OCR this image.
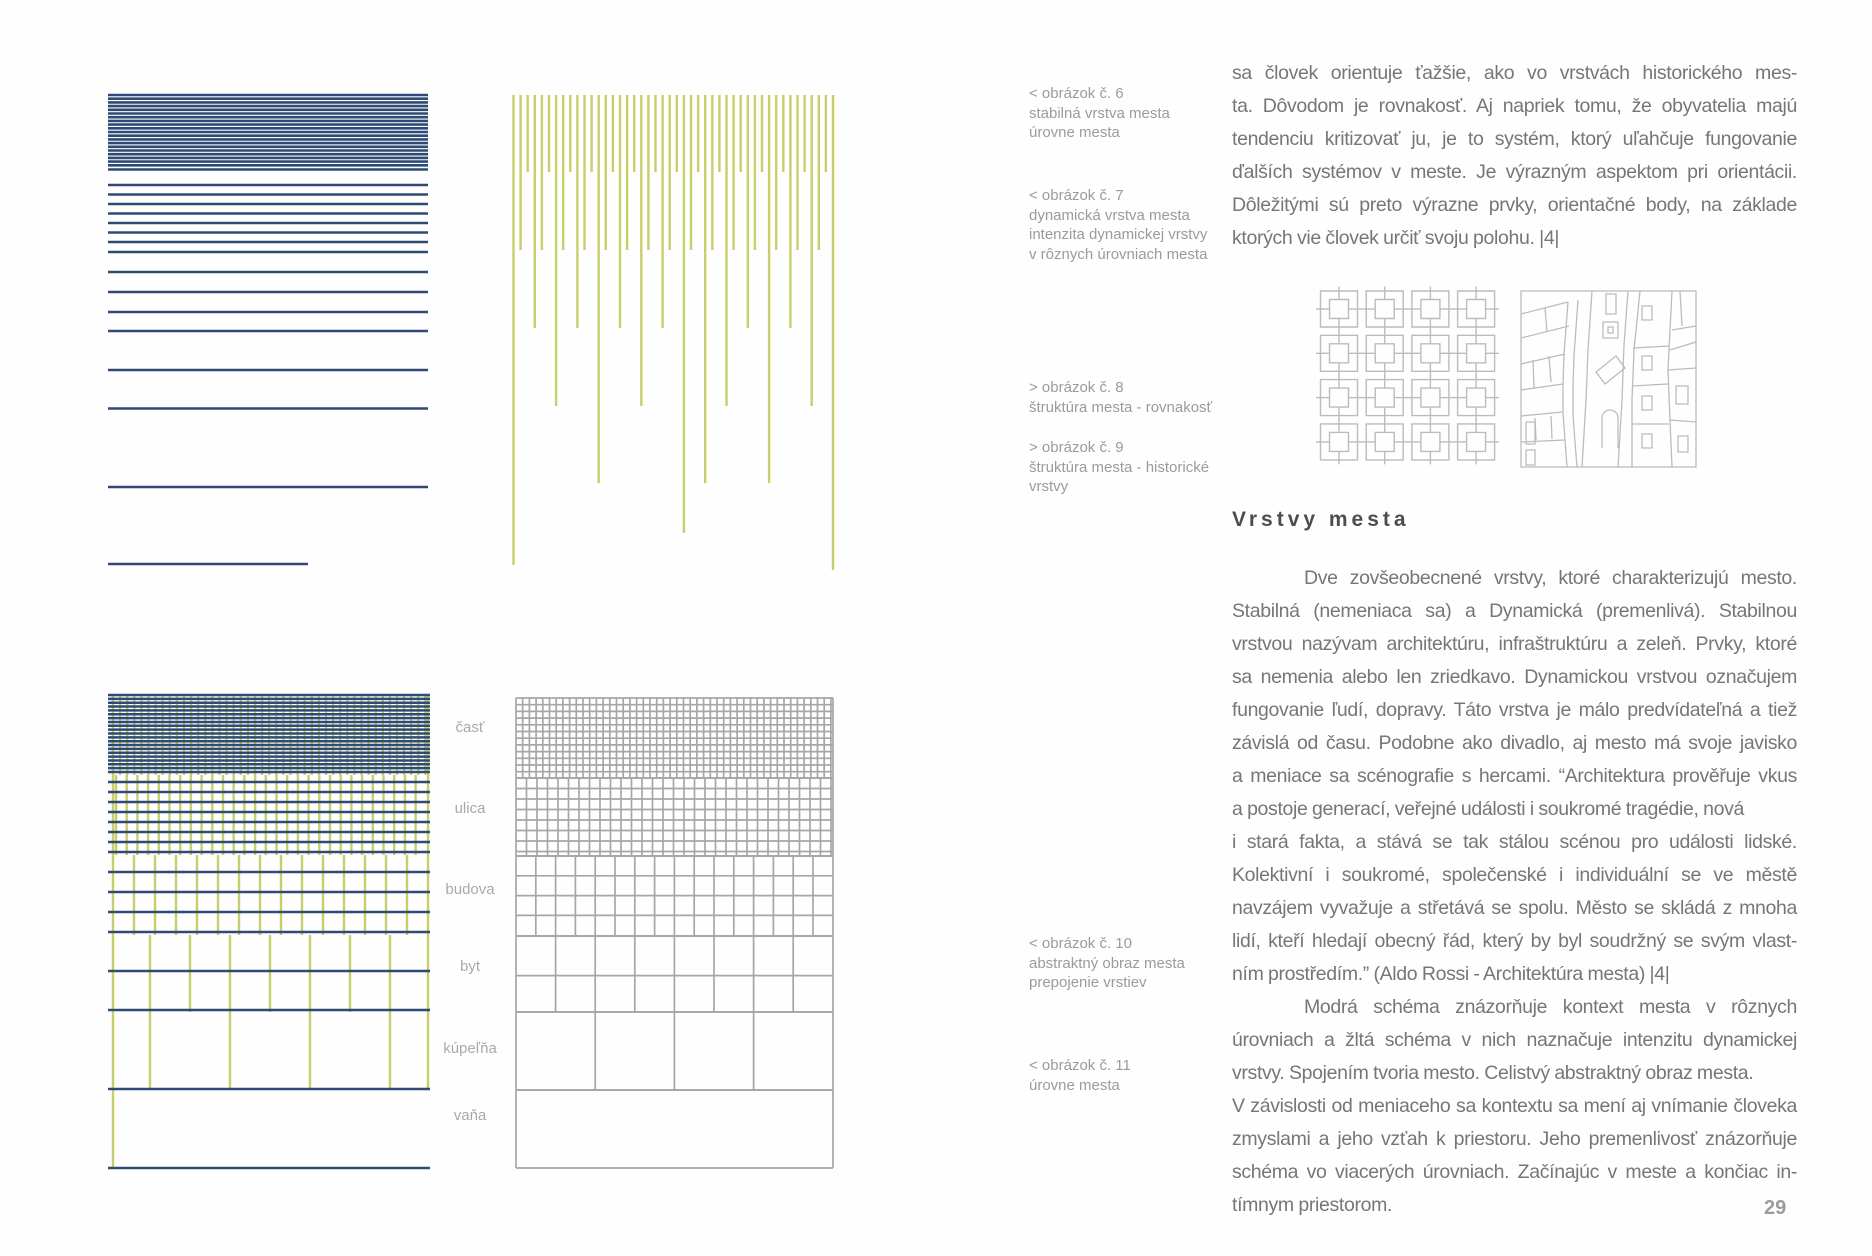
< obrázok č. 6
stabilná vrstva mesta
úrovne mesta
< obrázok č. 7
dynamická vrstva mesta
intenzita dynamickej vrstvy
v rôznych úrovniach mesta
> obrázok č. 8
štruktúra mesta - rovnakosť
> obrázok č. 9
štruktúra mesta - historické
vrstvy
< obrázok č. 10
abstraktný obraz mesta
prepojenie vrstiev
< obrázok č. 11
úrovne mesta
časť
ulica
budova
byt
kúpeľňa
vaňa
sa človek orientuje ťažšie, ako vo vrstvách historického mes-
ta. Dôvodom je rovnakosť. Aj napriek tomu, že obyvatelia majú
tendenciu kritizovať ju, je to systém, ktorý uľahčuje fungovanie
ďalších systémov v meste. Je výrazným aspektom pri orientácii.
Dôležitými sú preto výrazne prvky, orientačné body, na základe
ktorých vie človek určiť svoju polohu. |4|
Vrstvy mesta
Dve zovšeobecnené vrstvy, ktoré charakterizujú mesto.
Stabilná (nemeniaca sa) a Dynamická (premenlivá). Stabilnou
vrstvou nazývam architektúru, infraštruktúru a zeleň. Prvky, ktoré
sa nemenia alebo len zriedkavo. Dynamickou vrstvou označujem
fungovanie ľudí, dopravy. Táto vrstva je málo predvídateľná a tiež
závislá od času. Podobne ako divadlo, aj mesto má svoje javisko
a meniace sa scénografie s hercami. “Architektura prověřuje vkus
a postoje generací, veřejné události i soukromé tragédie, nová
i stará fakta, a stává se tak stálou scénou pro události lidské.
Kolektivní i soukromé, společenské i individuální se ve městě
navzájem vyvažuje a střetává se spolu. Město se skládá z mnoha
lidí, kteří hledají obecný řád, který by byl soudržný se svým vlast-
ním prostředím.” (Aldo Rossi - Architektúra mesta) |4|
Modrá schéma znázorňuje kontext mesta v rôznych
úrovniach a žltá schéma v nich naznačuje intenzitu dynamickej
vrstvy. Spojením tvoria mesto. Celistvý abstraktný obraz mesta.
V závislosti od meniaceho sa kontextu sa mení aj vnímanie človeka
zmyslami a jeho vzťah k priestoru. Jeho premenlivosť znázorňuje
schéma vo viacerých úrovniach. Začínajúc v meste a končiac in-
tímnym priestorom.	29
